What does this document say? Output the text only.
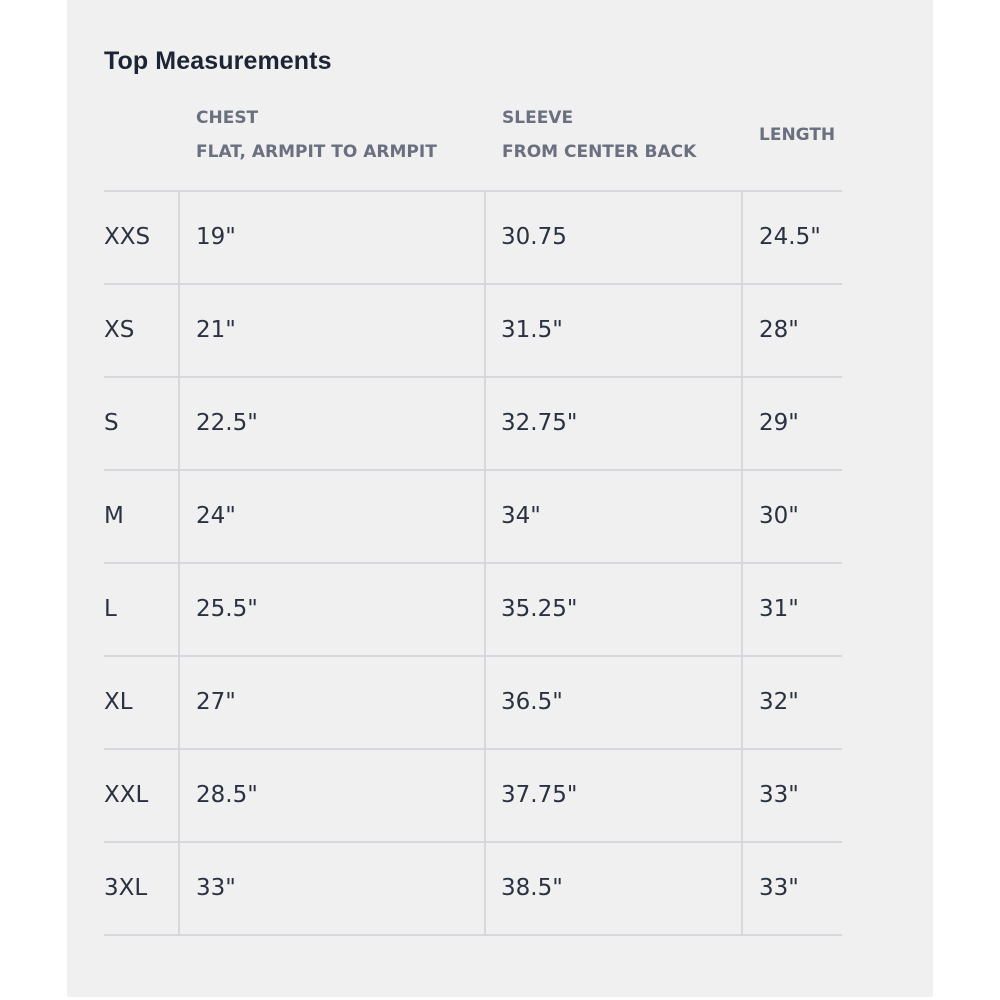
Top Measurements
CHEST
FLAT, ARMPIT TO ARMPIT
SLEEVE
FROM CENTER BACK
LENGTH
XXS 19"	30.75	24.5"
XS	21"	31.5"	28"
S	22.5"	32.75"	29"
M	24"	34"	30"
L	25.5"	35.25"	31"
XL	27"	36.5"	32"
XXL 28.5"	37.75"	33"
3XL 33"	38.5"	33"
